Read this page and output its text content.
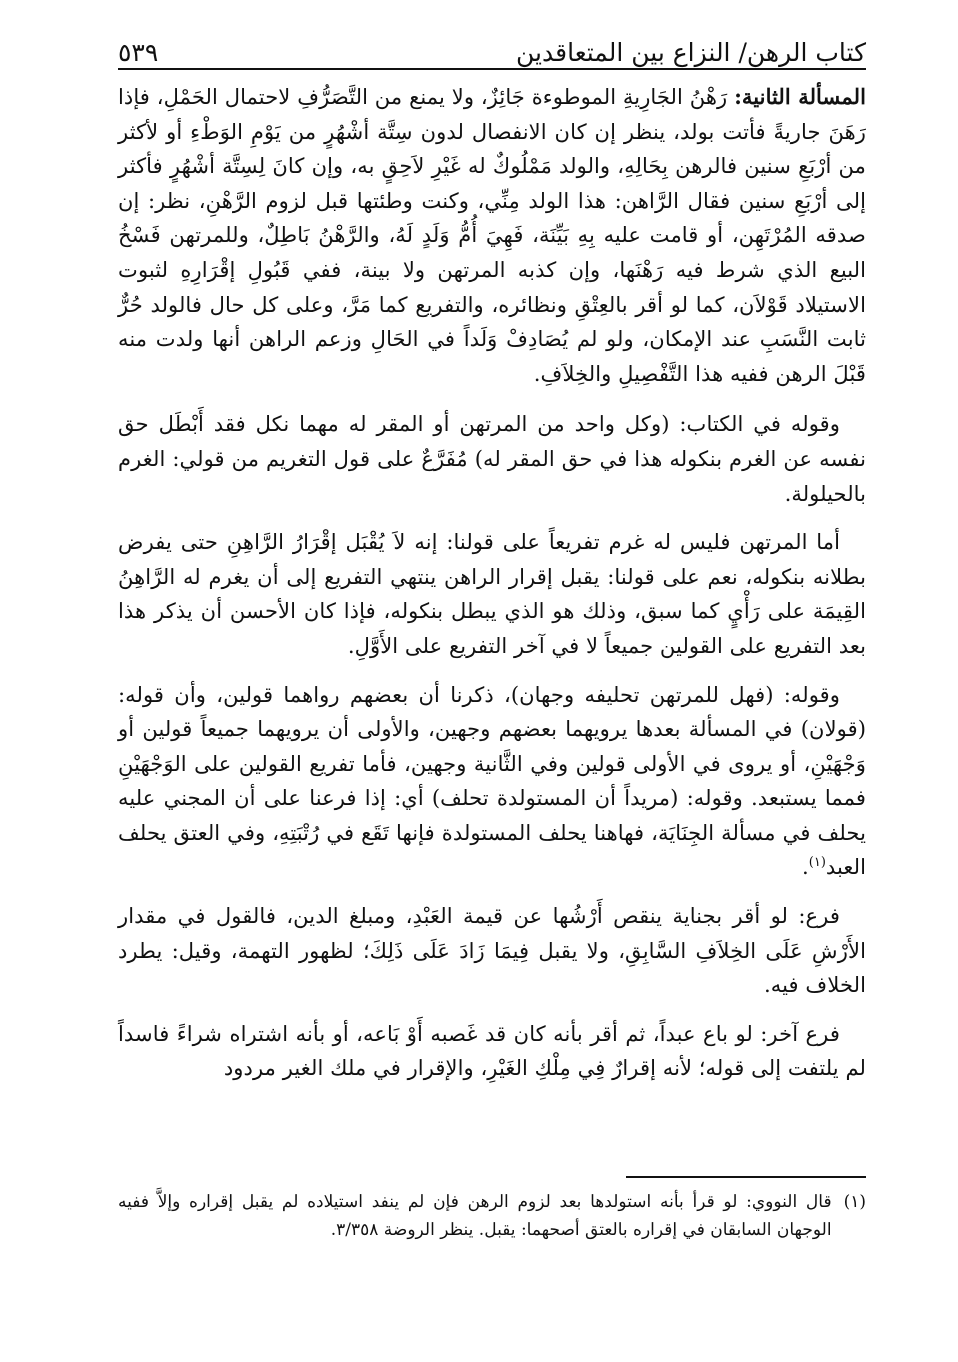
كتاب الرهن/ النزاع بين المتعاقدين
٥٣٩

المسألة الثانية: رَهْنُ الجَارِيةِ الموطوءة جَائِزٌ، ولا يمنع من التَّصَرُّفِ لاحتمال الحَمْلِ، فإذا رَهَنَ جاريةً فأتت بولد، ينظر إن كان الانفصال لدون سِتَّة أشْهُرٍ من يَوْمِ الوَطْءِ أو لأكثر من أرْبَعِ سنين فالرهن بِحَالِهِ، والولد مَمْلُوكٌ له غَيْرِ لاَحِقٍ به، وإن كانَ لِسِتَّة أشْهُرٍ فأكثر إلى أرْبَعِ سنين فقال الرَّاهن: هذا الولد مِنِّي، وكنت وطئتها قبل لزوم الرَّهْنِ، نظر: إن صدقه المُرْتَهِن، أو قامت عليه بِهِ بَيِّنَة، فَهِيَ أُمُّ وَلَدٍ لَهُ، والرَّهْنُ بَاطِلٌ، وللمرتهن فَسْخُ البيع الذي شرط فيه رَهْنَها، وإن كذبه المرتهن ولا بينة، ففي قَبُولِ إقْرَارِهِ لثبوت الاستيلاد قَوْلاَن، كما لو أقر بالعِتْقِ ونظائره، والتفريع كما مَرَّ، وعلى كل حال فالولد حُرٌّ ثابت النَّسَبِ عند الإمكان، ولو لم يُصَادِفْ وَلَداً في الحَالِ وزعم الراهن أنها ولدت منه قَبْلَ الرهن ففيه هذا التَّفْصِيلِ والخِلاَفِ.

وقوله في الكتاب: (وكل واحد من المرتهن أو المقر له مهما نكل فقد أَبْطَل حق نفسه عن الغرم بنكوله هذا في حق المقر له) مُفَرَّعٌ على قول التغريم من قولي: الغرم بالحيلولة.

أما المرتهن فليس له غرم تفريعاً على قولنا: إنه لاَ يُقْبَل إقْرَارُ الرَّاهِنِ حتى يفرض بطلانه بنكوله، نعم على قولنا: يقبل إقرار الراهن ينتهي التفريع إلى أن يغرم له الرَّاهِنُ القِيمَة على رَأْيٍ كما سبق، وذلك هو الذي يبطل بنكوله، فإذا كان الأحسن أن يذكر هذا بعد التفريع على القولين جميعاً لا في آخر التفريع على الأَوَّلِ.

وقوله: (فهل للمرتهن تحليفه وجهان)، ذكرنا أن بعضهم رواهما قولين، وأن قوله: (قولان) في المسألة بعدها يرويهما بعضهم وجهين، والأولى أن يرويهما جميعاً قولين أو وَجْهَيْنِ، أو يروى في الأولى قولين وفي الثَّانية وجهين، فأما تفريع القولين على الوَجْهَيْنِ فمما يستبعد. وقوله: (مريداً أن المستولدة تحلف) أي: إذا فرعنا على أن المجني عليه يحلف في مسألة الجِنَايَة، فهاهنا يحلف المستولدة فإنها تَقَع في رُتْبَتِهِ، وفي العتق يحلف العبد$^{(١)}$.

فرع: لو أقر بجناية ينقص أَرْشُها عن قيمة العَبْدِ، ومبلغ الدين، فالقول في مقدار الأَرْشِ عَلَى الخِلاَفِ السَّابِقِ، ولا يقبل فِيمَا زَادَ عَلَى ذَلِكَ؛ لظهور التهمة، وقيل: يطرد الخلاف فيه.

فرع آخر: لو باع عبداً، ثم أقر بأنه كان قد غَصبه أَوْ بَاعه، أو بأنه اشتراه شراءً فاسداً لم يلتفت إلى قوله؛ لأنه إقرارٌ فِي مِلْكِ الغَيْرِ، والإقرار في ملك الغير مردود

(١)
قال النووي: لو قرأ بأنه استولدها بعد لزوم الرهن فإن لم ينفد استيلاده لم يقبل إقراره وإلاَّ ففيه الوجهان السابقان في إقراره بالعتق أصحهما: يقبل. ينظر الروضة ٣/٣٥٨.
